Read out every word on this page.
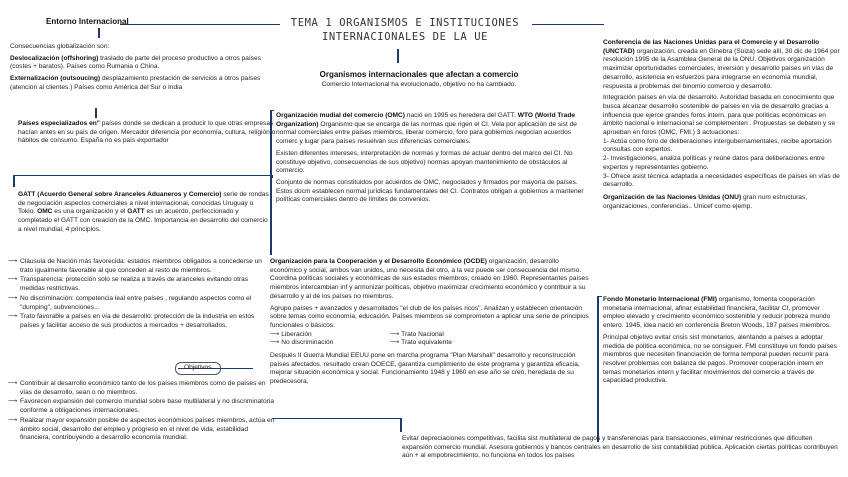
TEMA 1 ORGANISMOS E INSTITUCIONES
INTERNACIONALES DE LA UE
Entorno Internacional

Consecuencias globalización son:

Deslocalización (offshoring) traslado de parte del proceso productivo a otros países (costes + baratos). Países como Rumania o China.

Externalización (outsoucing) desplazamiento prestación de servicios a otros países (atención al clientes.) Países como América del Sur o India

Países especializados en" países donde se dedican a producir lo que otras empresas hacían antes en su país de origen. Mercador diferencia por economía, cultura, religión o hábitos de consumo. España no es país exportador

GATT (Acuerdo General sobre Aranceles Aduaneros y Comercio) serie de rondas de negociación aspectos comerciales a nivel internacional, conocidas Uruguay o Tokio. OMC es una organización y el GATT es un acuerdo, perfeccionado y completado el GATT con creación de la OMC. Importancia en desarrollo del comercio a nivel mundial, 4 principios.

⟶ Cláusula de Nación más favorecida: estados miembros obligados a concederse un trato igualmente favorable al que conceden al resto de miembros.
⟶ Transparencia: protección solo se realiza a través de aranceles evitando otras medidas restrictivas.
⟶ No discriminación: competencia leal entre países , regulando aspectos como el "dumping", subvenciones...
⟶ Trato favorable a países en vía de desarrollo: protección de la industria en estos países y facilitar acceso de sus productos a mercados + desarrollados.
Objetivos
⟶ Contribuir al desarrollo económico tanto de los países miembros como de países en vías de desarrollo, sean o no miembros.
⟶ Favorecen expansión del comercio mundial sobre base multilateral y no discriminatoria conforme a obligaciones internacionales.
⟶ Realizar mayor expansión posible de aspectos económicos países miembros, actúa en ámbito social, desarrollo del empleo y progreso en el nivel de vida, estabilidad financiera, contribuyendo a desarrollo economía mundial.
Organismos internacionales que afectan a comercio
Comercio Internacional ha evolucionado, objetivo no ha cambiado.

Organización mudial del comercio (OMC) nació en 1995 es heredera del GATT. WTO (World Trade Organization) Organismo que se encarga de las normas que rigen el CI. Vela por aplicación de sist de normal comerciales entre países miembros, liberar comercio, foro para gobiernos negocian acuerdos comerc y lugar para países resuelvan sus diferencias comerciales.

Existen diferentes intereses, interpretación de normas y formas de actuar dentro del marco del CI. No constituye objetivo, consecuencias de sus objetivo) normas apoyan mantenimiento de obstáculos al comercio.

Conjunto de normas constituidos por acuerdos de OMC, negociados y firmados por mayoría de países. Estos docm establecen normal jurídicas fundamentales del CI. Contratos obligan a gobiernos a mantener políticas comerciales dentro de límites de convenios.

Organización para la Cooperación y el Desarrollo Económico (OCDE) organización, desarrollo económico y social, ambos van unidos, uno necesita del otro, a la vez puede ser consecuencia del mismo. Coordina políticas sociales y económicas de sus estados miembros, creado en 1960. Representantes países miembros intercambian inf y armonizar políticas, objetivo maximizar crecimiento económico y contribuir a su desarrollo y al de los países no miembros.

Agrupo países + avanzados y desarrollados "el club de los países ricos". Analizan y establecen orientación sobre temas como economía, educación. Países miembros se comprometen a aplicar una serie de principios funcionales o básicos:

⟶ Liberación
⟶ No discriminación
⟶ Trato Nacional
⟶ Trato equivalente

Después II Guerra Mundial EEUU pone en marcha programa "Plan Marshall" desarrollo y reconstrucción países afectados. resultado crean OOECE, garantiza cumplimiento de este programa y garantiza eficacia, mejorar situación económica y social. Funcionamiento 1948 y 1960 en ese año se creó, heredada de su predecesora.

Evitar depreciaciones competitivas, facilita sist multilateral de pagos y transferencias para transacciones, eliminar restricciones que dificulten expansión comercio mundial. Asesora gobiernos y bancos centrales en desarrollo de sist contabilidad pública. Aplicación ciertas políticas contribuyen aún + al empobrecimiento, no funciona en todos los países

Conferencia de las Naciones Unidas para el Comercio y el Desarrollo (UNCTAD) organización, creada en Ginebra (Suiza) sede allí, 30 dic de 1964 por resolución 1995 de la Asamblea General de la ONU. Objetivos organización maximizar oportunidades comerciales, inversión y desarrollo países en vías de desarrollo, asistencia en esfuerzos para integrarse en economía mundial, respuesta a problemas del binomio comercio y desarrollo.

Integración países en vía de desarrollo. Autoridad basada en conocimiento que busca alcanzar desarrollo sostenible de países en vía de desarrollo gracias a influencia que ejerce grandes foros intern, para que políticas económicas en ámbito nacional e internacional se complementen . Propuestas se debaten y se aprueban en foros (OMC, FMI.) 3 actuaciones:

1- Actúa como foro de deliberaciones intergubernamentales, recibe aportación consultas con expertos.
2- Investigaciones, analiza políticas y reúne datos para deliberaciones entre expertos y representantes gobierno.
3- Ofrece asist técnica adaptada a necesidades específicas de países en vías de desarrollo.

Organización de las Naciones Unidas (ONU) gran num estructuras, organizaciones, conferencias.. Unicef como ejemp.

Fondo Monetario Internacional (FMI) organismo, fomenta cooperación monetaria internacional, afinar estabilidad financiera, facilitar CI, promover empleo elevado y crecimiento económico sostenible y reducir pobreza mundo entero. 1945, idea nació en conferencia Breton Woods, 187 países miembros.

Principal objetivo evitar crisis sist monetarios, alentando a países a adoptar medida de política económica, no se consigueir. FMI constituye un fondo países miembros que necesiten financiación de forma temporal pueden recurrir para resolver problemas con balanza de pagos. Promover cooperación intern en temas monetarios intern y facilitar movimientos del comercio a través de capacidad productiva.
